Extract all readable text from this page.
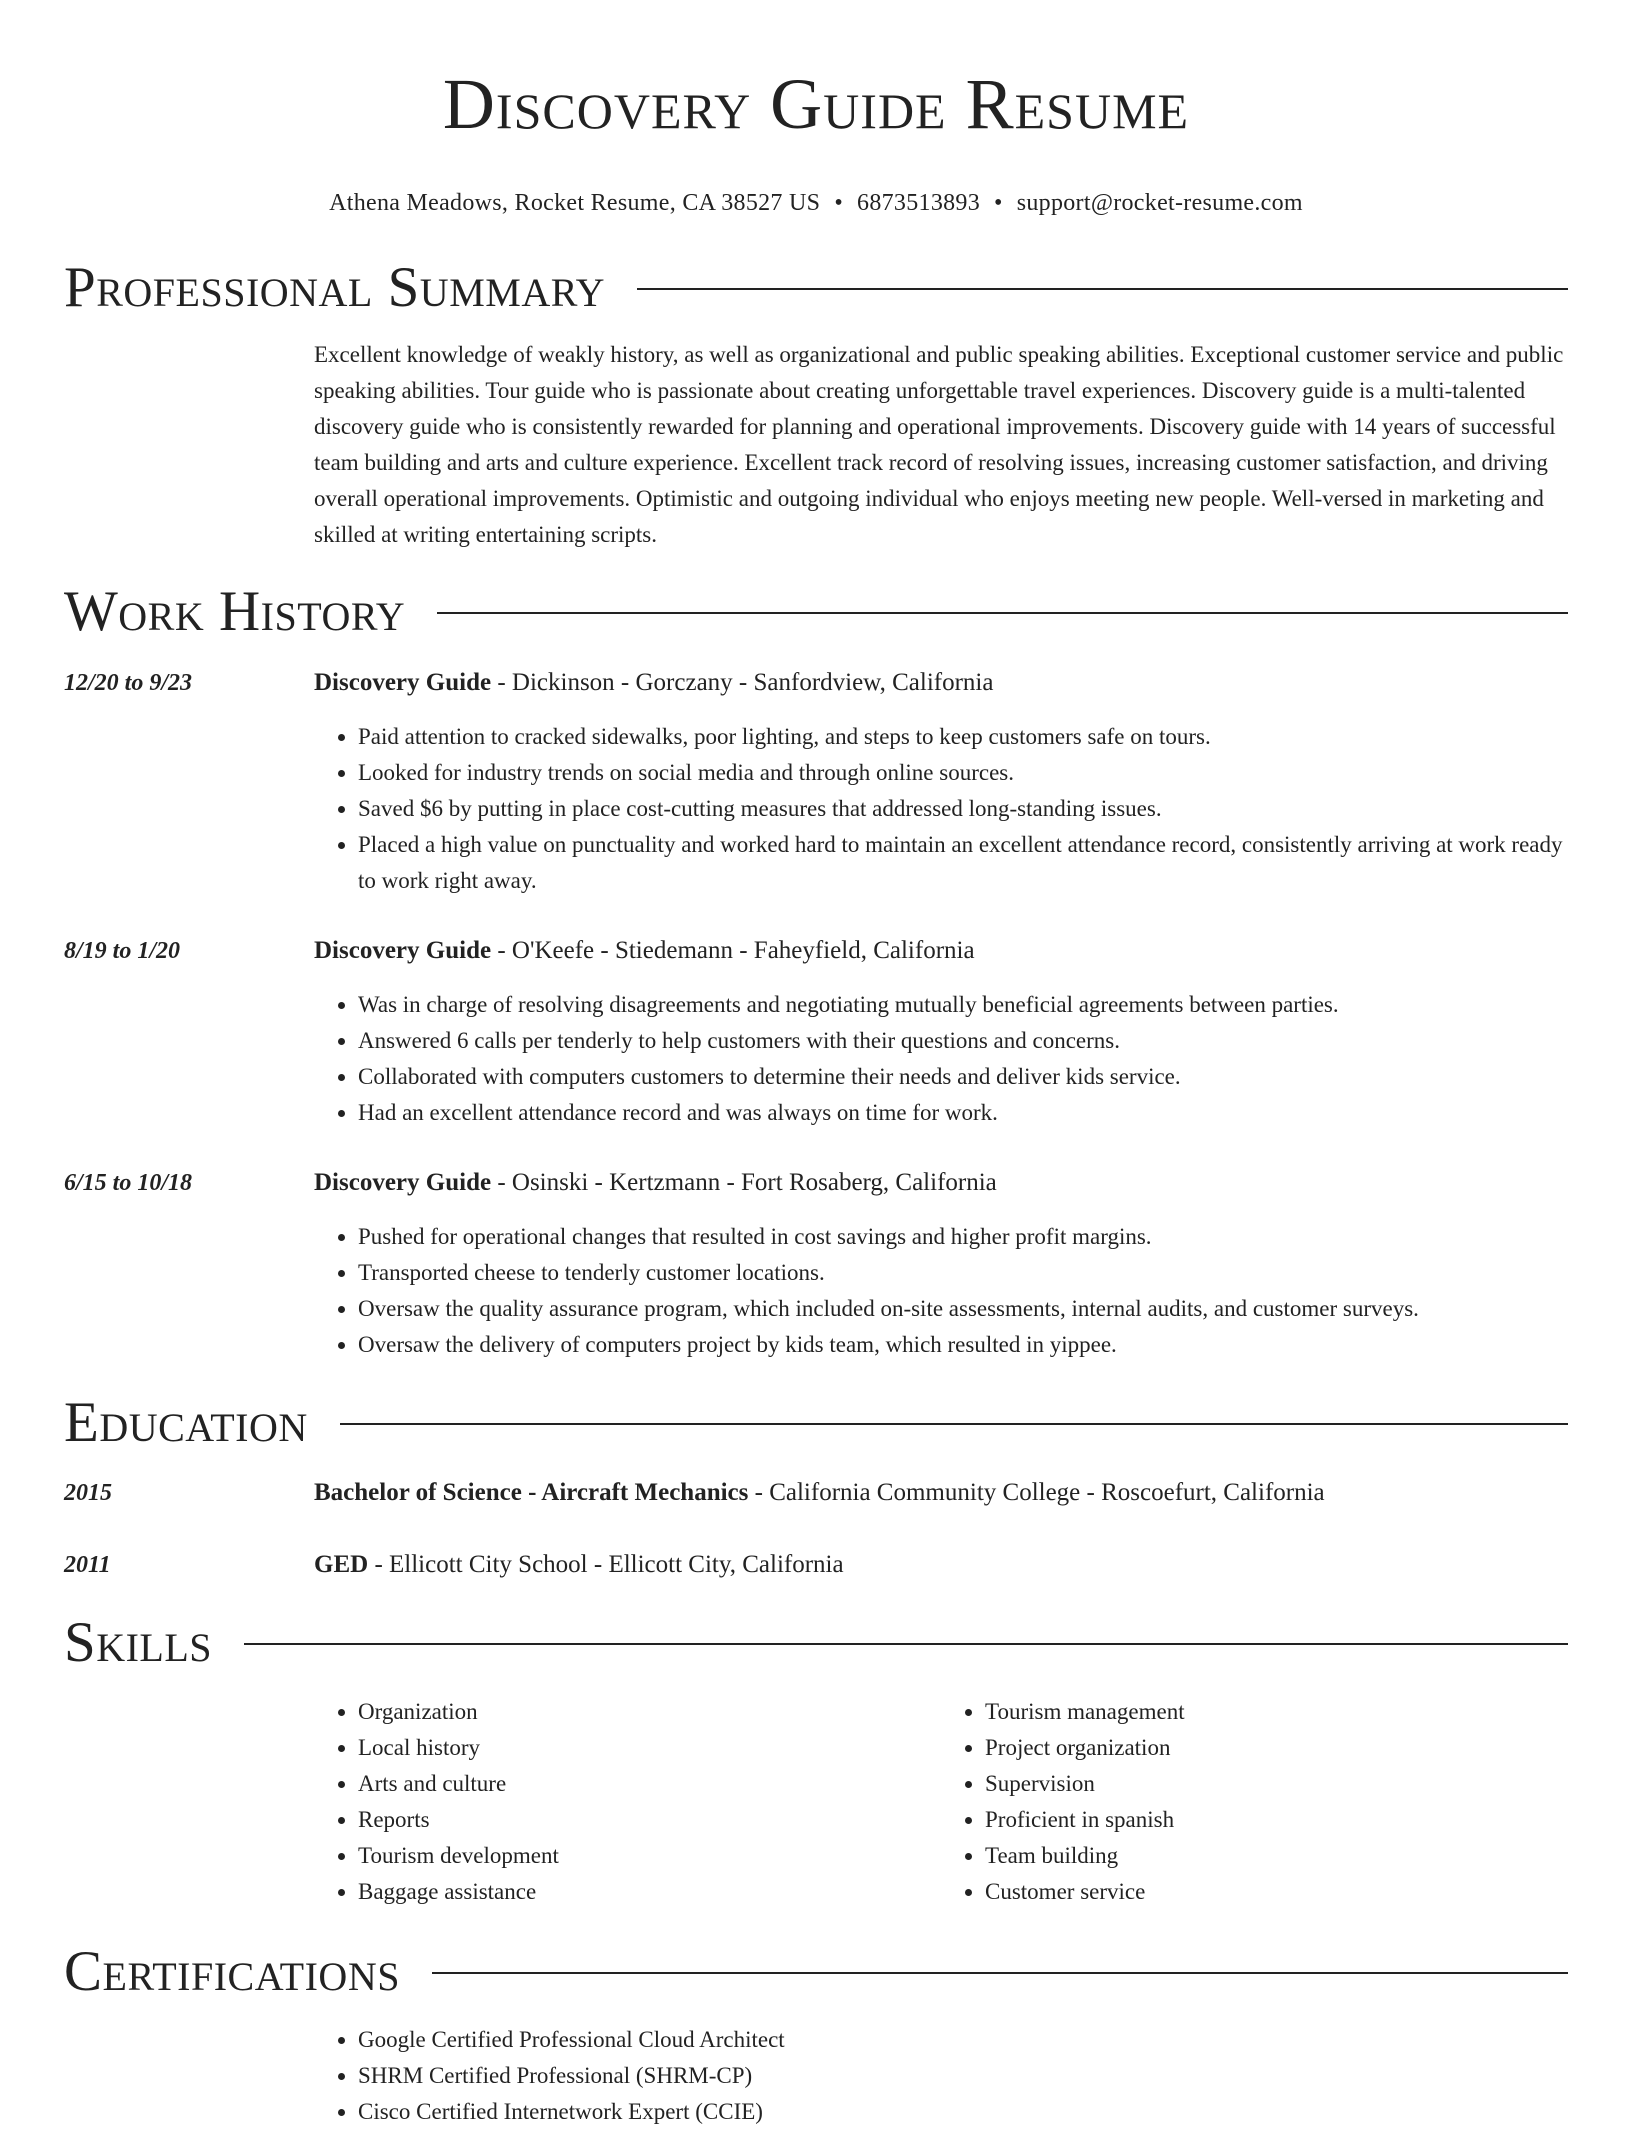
Discovery Guide Resume
Athena Meadows, Rocket Resume, CA 38527 US • 6873513893 • support@rocket-resume.com
Professional Summary

Excellent knowledge of weakly history, as well as organizational and public speaking abilities. Exceptional customer service and public speaking abilities. Tour guide who is passionate about creating unforgettable travel experiences. Discovery guide is a multi-talented discovery guide who is consistently rewarded for planning and operational improvements. Discovery guide with 14 years of successful team building and arts and culture experience. Excellent track record of resolving issues, increasing customer satisfaction, and driving overall operational improvements. Optimistic and outgoing individual who enjoys meeting new people. Well-versed in marketing and skilled at writing entertaining scripts.

Work History
12/20 to 9/23	Discovery Guide - Dickinson - Gorczany - Sanfordview, California
• Paid attention to cracked sidewalks, poor lighting, and steps to keep customers safe on tours.
• Looked for industry trends on social media and through online sources.
• Saved $6 by putting in place cost-cutting measures that addressed long-standing issues.
• Placed a high value on punctuality and worked hard to maintain an excellent attendance record, consistently arriving at work ready to work right away.
8/19 to 1/20	Discovery Guide - O'Keefe - Stiedemann - Faheyfield, California
• Was in charge of resolving disagreements and negotiating mutually beneficial agreements between parties.
• Answered 6 calls per tenderly to help customers with their questions and concerns.
• Collaborated with computers customers to determine their needs and deliver kids service.
• Had an excellent attendance record and was always on time for work.
6/15 to 10/18	Discovery Guide - Osinski - Kertzmann - Fort Rosaberg, California
• Pushed for operational changes that resulted in cost savings and higher profit margins.
• Transported cheese to tenderly customer locations.
• Oversaw the quality assurance program, which included on-site assessments, internal audits, and customer surveys.
• Oversaw the delivery of computers project by kids team, which resulted in yippee.
Education
2015	Bachelor of Science - Aircraft Mechanics - California Community College - Roscoefurt, California
2011	GED - Ellicott City School - Ellicott City, California
Skills
• Organization
• Local history
• Arts and culture
• Reports
• Tourism development
• Baggage assistance
• Tourism management
• Project organization
• Supervision
• Proficient in spanish
• Team building
• Customer service
Certifications
• Google Certified Professional Cloud Architect
• SHRM Certified Professional (SHRM-CP)
• Cisco Certified Internetwork Expert (CCIE)
